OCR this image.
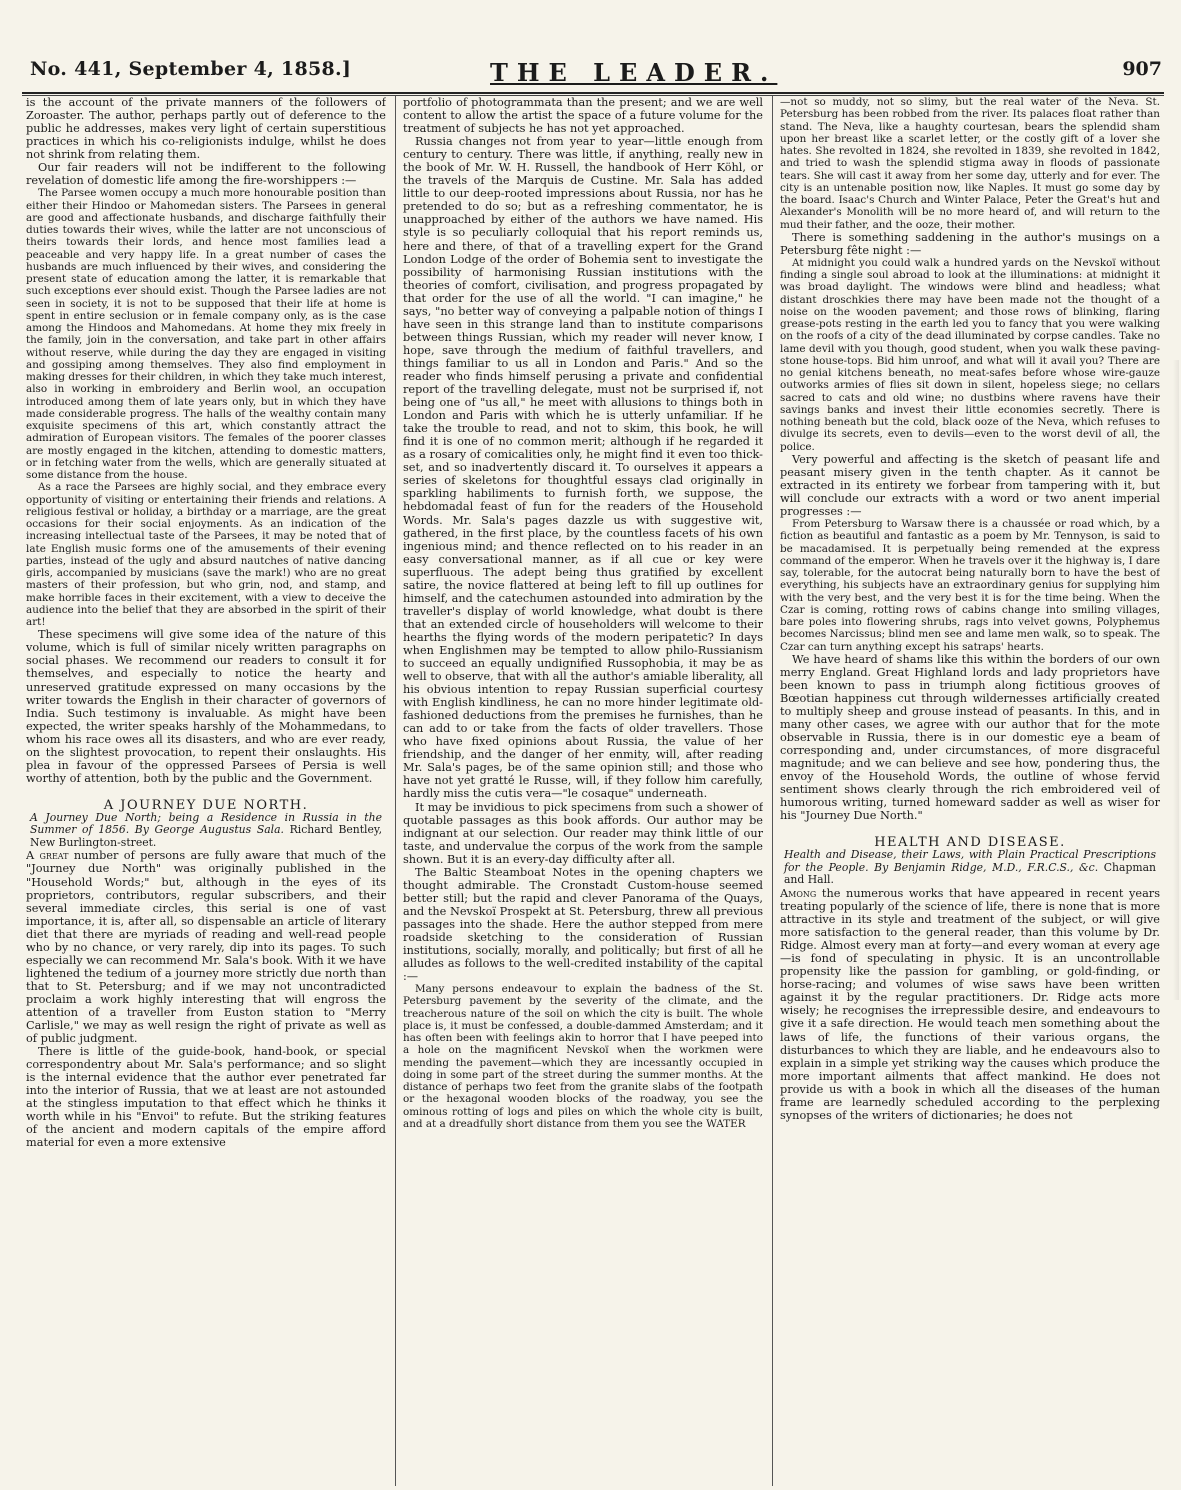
No. 441, September 4, 1858.]	THE LEADER.	907

is the account of the private manners of the followers of Zoroaster. The author, perhaps partly out of deference to the public he addresses, makes very light of certain superstitious practices in which his co-religionists indulge, whilst he does not shrink from relating them.

Our fair readers will not be indifferent to the following revelation of domestic life among the fire-worshippers :—

The Parsee women occupy a much more honourable position than either their Hindoo or Mahomedan sisters. The Parsees in general are good and affectionate husbands, and discharge faithfully their duties towards their wives, while the latter are not unconscious of theirs towards their lords, and hence most families lead a peaceable and very happy life. In a great number of cases the husbands are much influenced by their wives, and considering the present state of education among the latter, it is remarkable that such exceptions ever should exist. Though the Parsee ladies are not seen in society, it is not to be supposed that their life at home is spent in entire seclusion or in female company only, as is the case among the Hindoos and Mahomedans. At home they mix freely in the family, join in the conversation, and take part in other affairs without reserve, while during the day they are engaged in visiting and gossiping among themselves. They also find employment in making dresses for their children, in which they take much interest, also in working in embroidery and Berlin wool, an occupation introduced among them of late years only, but in which they have made considerable progress. The halls of the wealthy contain many exquisite specimens of this art, which constantly attract the admiration of European visitors. The females of the poorer classes are mostly engaged in the kitchen, attending to domestic matters, or in fetching water from the wells, which are generally situated at some distance from the house.

As a race the Parsees are highly social, and they embrace every opportunity of visiting or entertaining their friends and relations. A religious festival or holiday, a birthday or a marriage, are the great occasions for their social enjoyments. As an indication of the increasing intellectual taste of the Parsees, it may be noted that of late English music forms one of the amusements of their evening parties, instead of the ugly and absurd nautches of native dancing girls, accompanied by musicians (save the mark!) who are no great masters of their profession, but who grin, nod, and stamp, and make horrible faces in their excitement, with a view to deceive the audience into the belief that they are absorbed in the spirit of their art!

These specimens will give some idea of the nature of this volume, which is full of similar nicely written paragraphs on social phases. We recommend our readers to consult it for themselves, and especially to notice the hearty and unreserved gratitude expressed on many occasions by the writer towards the English in their character of governors of India. Such testimony is invaluable. As might have been expected, the writer speaks harshly of the Mohammedans, to whom his race owes all its disasters, and who are ever ready, on the slightest provocation, to repent their onslaughts. His plea in favour of the oppressed Parsees of Persia is well worthy of attention, both by the public and the Government.

A JOURNEY DUE NORTH.

A Journey Due North; being a Residence in Russia in the Summer of 1856. By George Augustus Sala. Richard Bentley, New Burlington-street.

A great number of persons are fully aware that much of the "Journey due North" was originally published in the "Household Words;" but, although in the eyes of its proprietors, contributors, regular subscribers, and their several immediate circles, this serial is one of vast importance, it is, after all, so dispensable an article of literary diet that there are myriads of reading and well-read people who by no chance, or very rarely, dip into its pages. To such especially we can recommend Mr. Sala's book. With it we have lightened the tedium of a journey more strictly due north than that to St. Petersburg; and if we may not uncontradicted proclaim a work highly interesting that will engross the attention of a traveller from Euston station to "Merry Carlisle," we may as well resign the right of private as well as of public judgment.

There is little of the guide-book, hand-book, or special correspondentry about Mr. Sala's performance; and so slight is the internal evidence that the author ever penetrated far into the interior of Russia, that we at least are not astounded at the stingless imputation to that effect which he thinks it worth while in his "Envoi" to refute. But the striking features of the ancient and modern capitals of the empire afford material for even a more extensive

portfolio of photogrammata than the present; and we are well content to allow the artist the space of a future volume for the treatment of subjects he has not yet approached.

Russia changes not from year to year—little enough from century to century. There was little, if anything, really new in the book of Mr. W. H. Russell, the handbook of Herr Köhl, or the travels of the Marquis de Custine. Mr. Sala has added little to our deep-rooted impressions about Russia, nor has he pretended to do so; but as a refreshing commentator, he is unapproached by either of the authors we have named. His style is so peculiarly colloquial that his report reminds us, here and there, of that of a travelling expert for the Grand London Lodge of the order of Bohemia sent to investigate the possibility of harmonising Russian institutions with the theories of comfort, civilisation, and progress propagated by that order for the use of all the world. "I can imagine," he says, "no better way of conveying a palpable notion of things I have seen in this strange land than to institute comparisons between things Russian, which my reader will never know, I hope, save through the medium of faithful travellers, and things familiar to us all in London and Paris." And so the reader who finds himself perusing a private and confidential report of the travelling delegate, must not be surprised if, not being one of "us all," he meet with allusions to things both in London and Paris with which he is utterly unfamiliar. If he take the trouble to read, and not to skim, this book, he will find it is one of no common merit; although if he regarded it as a rosary of comicalities only, he might find it even too thick-set, and so inadvertently discard it. To ourselves it appears a series of skeletons for thoughtful essays clad originally in sparkling habiliments to furnish forth, we suppose, the hebdomadal feast of fun for the readers of the Household Words. Mr. Sala's pages dazzle us with suggestive wit, gathered, in the first place, by the countless facets of his own ingenious mind; and thence reflected on to his reader in an easy conversational manner, as if all cue or key were superfluous. The adept being thus gratified by excellent satire, the novice flattered at being left to fill up outlines for himself, and the catechumen astounded into admiration by the traveller's display of world knowledge, what doubt is there that an extended circle of householders will welcome to their hearths the flying words of the modern peripatetic? In days when Englishmen may be tempted to allow philo-Russianism to succeed an equally undignified Russophobia, it may be as well to observe, that with all the author's amiable liberality, all his obvious intention to repay Russian superficial courtesy with English kindliness, he can no more hinder legitimate old-fashioned deductions from the premises he furnishes, than he can add to or take from the facts of older travellers. Those who have fixed opinions about Russia, the value of her friendship, and the danger of her enmity, will, after reading Mr. Sala's pages, be of the same opinion still; and those who have not yet gratté le Russe, will, if they follow him carefully, hardly miss the cutis vera—"le cosaque" underneath.

It may be invidious to pick specimens from such a shower of quotable passages as this book affords. Our author may be indignant at our selection. Our reader may think little of our taste, and undervalue the corpus of the work from the sample shown. But it is an every-day difficulty after all.

The Baltic Steamboat Notes in the opening chapters we thought admirable. The Cronstadt Custom-house seemed better still; but the rapid and clever Panorama of the Quays, and the Nevskoï Prospekt at St. Petersburg, threw all previous passages into the shade. Here the author stepped from mere roadside sketching to the consideration of Russian institutions, socially, morally, and politically; but first of all he alludes as follows to the well-credited instability of the capital :—

Many persons endeavour to explain the badness of the St. Petersburg pavement by the severity of the climate, and the treacherous nature of the soil on which the city is built. The whole place is, it must be confessed, a double-dammed Amsterdam; and it has often been with feelings akin to horror that I have peeped into a hole on the magnificent Nevskoï when the workmen were mending the pavement—which they are incessantly occupied in doing in some part of the street during the summer months. At the distance of perhaps two feet from the granite slabs of the footpath or the hexagonal wooden blocks of the roadway, you see the ominous rotting of logs and piles on which the whole city is built, and at a dreadfully short distance from them you see the WATER

—not so muddy, not so slimy, but the real water of the Neva. St. Petersburg has been robbed from the river. Its palaces float rather than stand. The Neva, like a haughty courtesan, bears the splendid sham upon her breast like a scarlet letter, or the costly gift of a lover she hates. She revolted in 1824, she revolted in 1839, she revolted in 1842, and tried to wash the splendid stigma away in floods of passionate tears. She will cast it away from her some day, utterly and for ever. The city is an untenable position now, like Naples. It must go some day by the board. Isaac's Church and Winter Palace, Peter the Great's hut and Alexander's Monolith will be no more heard of, and will return to the mud their father, and the ooze, their mother.

There is something saddening in the author's musings on a Petersburg fête night :—

At midnight you could walk a hundred yards on the Nevskoï without finding a single soul abroad to look at the illuminations: at midnight it was broad daylight. The windows were blind and headless; what distant droschkies there may have been made not the thought of a noise on the wooden pavement; and those rows of blinking, flaring grease-pots resting in the earth led you to fancy that you were walking on the roofs of a city of the dead illuminated by corpse candles. Take no lame devil with you though, good student, when you walk these paving-stone house-tops. Bid him unroof, and what will it avail you? There are no genial kitchens beneath, no meat-safes before whose wire-gauze outworks armies of flies sit down in silent, hopeless siege; no cellars sacred to cats and old wine; no dustbins where ravens have their savings banks and invest their little economies secretly. There is nothing beneath but the cold, black ooze of the Neva, which refuses to divulge its secrets, even to devils—even to the worst devil of all, the police.

Very powerful and affecting is the sketch of peasant life and peasant misery given in the tenth chapter. As it cannot be extracted in its entirety we forbear from tampering with it, but will conclude our extracts with a word or two anent imperial progresses :—

From Petersburg to Warsaw there is a chaussée or road which, by a fiction as beautiful and fantastic as a poem by Mr. Tennyson, is said to be macadamised. It is perpetually being remended at the express command of the emperor. When he travels over it the highway is, I dare say, tolerable, for the autocrat being naturally born to have the best of everything, his subjects have an extraordinary genius for supplying him with the very best, and the very best it is for the time being. When the Czar is coming, rotting rows of cabins change into smiling villages, bare poles into flowering shrubs, rags into velvet gowns, Polyphemus becomes Narcissus; blind men see and lame men walk, so to speak. The Czar can turn anything except his satraps' hearts.

We have heard of shams like this within the borders of our own merry England. Great Highland lords and lady proprietors have been known to pass in triumph along fictitious grooves of Bœotian happiness cut through wildernesses artificially created to multiply sheep and grouse instead of peasants. In this, and in many other cases, we agree with our author that for the mote observable in Russia, there is in our domestic eye a beam of corresponding and, under circumstances, of more disgraceful magnitude; and we can believe and see how, pondering thus, the envoy of the Household Words, the outline of whose fervid sentiment shows clearly through the rich embroidered veil of humorous writing, turned homeward sadder as well as wiser for his "Journey Due North."

HEALTH AND DISEASE.

Health and Disease, their Laws, with Plain Practical Prescriptions for the People. By Benjamin Ridge, M.D., F.R.C.S., &c. Chapman and Hall.

Among the numerous works that have appeared in recent years treating popularly of the science of life, there is none that is more attractive in its style and treatment of the subject, or will give more satisfaction to the general reader, than this volume by Dr. Ridge. Almost every man at forty—and every woman at every age—is fond of speculating in physic. It is an uncontrollable propensity like the passion for gambling, or gold-finding, or horse-racing; and volumes of wise saws have been written against it by the regular practitioners. Dr. Ridge acts more wisely; he recognises the irrepressible desire, and endeavours to give it a safe direction. He would teach men something about the laws of life, the functions of their various organs, the disturbances to which they are liable, and he endeavours also to explain in a simple yet striking way the causes which produce the more important ailments that affect mankind. He does not provide us with a book in which all the diseases of the human frame are learnedly scheduled according to the perplexing synopses of the writers of dictionaries; he does not
